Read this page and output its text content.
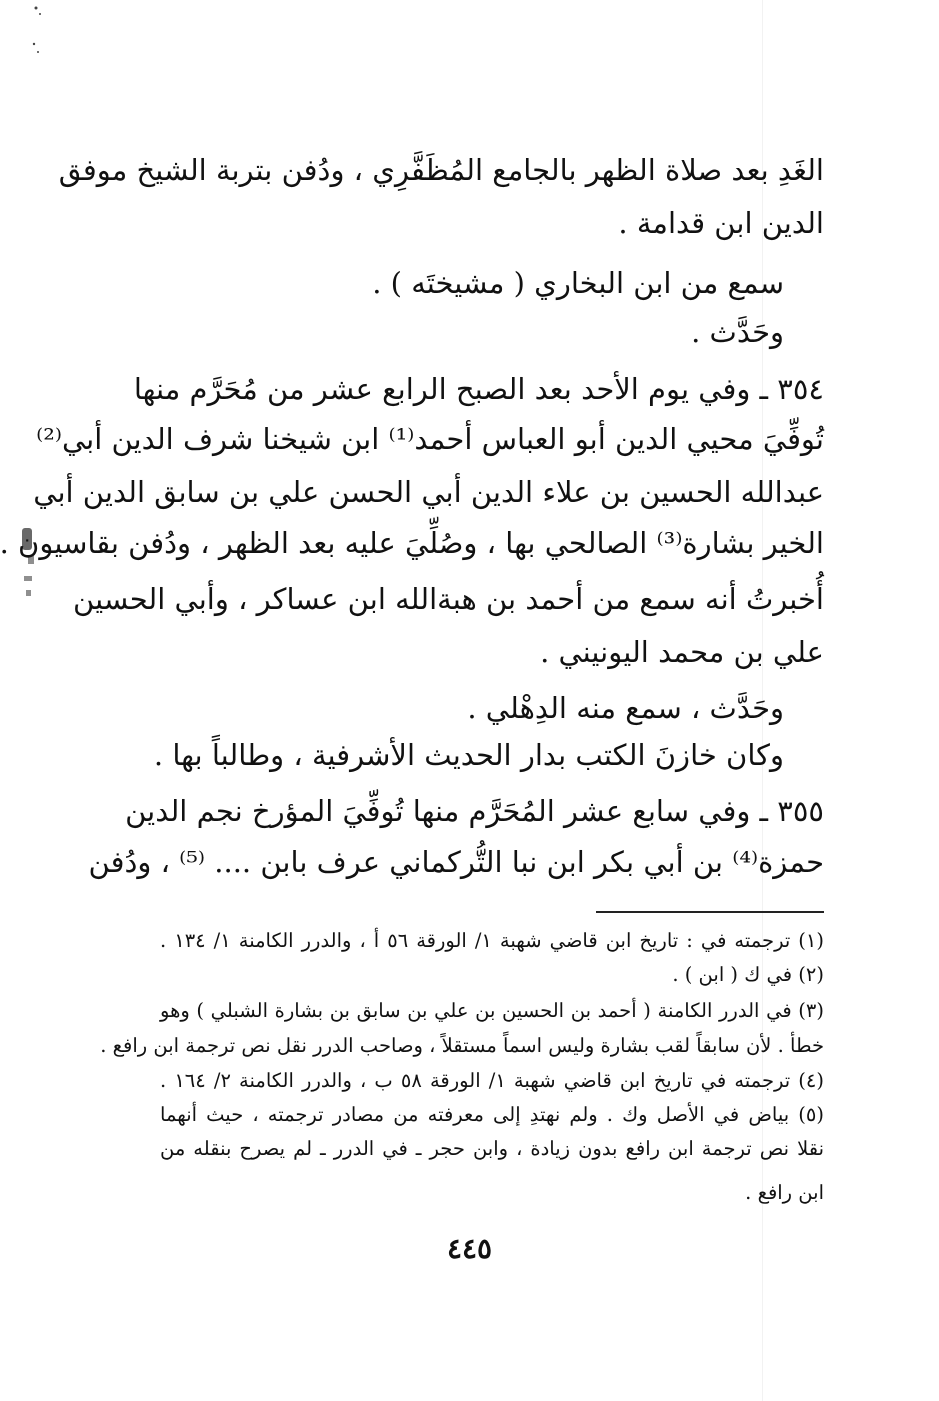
الغَدِ بعد صلاة الظهر بالجامع المُظَفَّرِي ، ودُفن بتربة الشيخ موفق
الدين ابن قدامة .
سمع من ابن البخاري ( مشيختَه ) .
وحَدَّث .
٣٥٤ ـ وفي يوم الأحد بعد الصبح الرابع عشر من مُحَرَّم منها
تُوفِّيَ محيي الدين أبو العباس أحمد⁽¹⁾ ابن شيخنا شرف الدين أبي⁽²⁾
عبدالله الحسين بن علاء الدين أبي الحسن علي بن سابق الدين أبي
الخير بشارة⁽³⁾ الصالحي بها ، وصُلِّيَ عليه بعد الظهر ، ودُفن بقاسيون .
أُخبرتُ أنه سمع من أحمد بن هبةالله ابن عساكر ، وأبي الحسين
علي بن محمد اليونيني .
وحَدَّث ، سمع منه الدِهْلي .
وكان خازنَ الكتب بدار الحديث الأشرفية ، وطالباً بها .
٣٥٥ ـ وفي سابع عشر المُحَرَّم منها تُوفِّيَ المؤرخ نجم الدين
حمزة⁽⁴⁾ بن أبي بكر ابن نبا التُّركماني عرف بابن .... ⁽⁵⁾ ، ودُفن
(١) ترجمته في : تاريخ ابن قاضي شهبة ١/ الورقة ٥٦ أ ، والدرر الكامنة ١/ ١٣٤ .
(٢) في ك ( ابن ) .
(٣) في الدرر الكامنة ( أحمد بن الحسين بن علي بن سابق بن بشارة الشبلي ) وهو
خطأ . لأن سابقاً لقب بشارة وليس اسماً مستقلاً ، وصاحب الدرر نقل نص ترجمة ابن رافع .
(٤) ترجمته في تاريخ ابن قاضي شهبة ١/ الورقة ٥٨ ب ، والدرر الكامنة ٢/ ١٦٤ .
(٥) بياض في الأصل وك . ولم نهتدِ إلى معرفته من مصادر ترجمته ، حيث أنهما
نقلا نص ترجمة ابن رافع بدون زيادة ، وابن حجر ـ في الدرر ـ لم يصرح بنقله من
ابن رافع .
٤٤٥
